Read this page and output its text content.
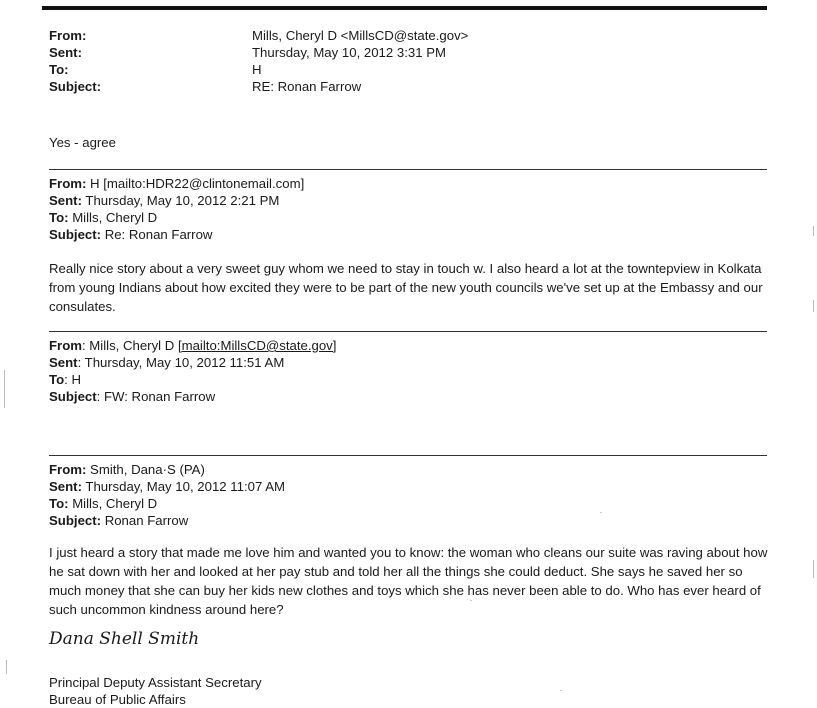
From:	Mills, Cheryl D <MillsCD@state.gov>
Sent:	Thursday, May 10, 2012 3:31 PM
To:	H
Subject:	RE: Ronan Farrow
Yes - agree
From: H [mailto:HDR22@clintonemail.com]
Sent: Thursday, May 10, 2012 2:21 PM
To: Mills, Cheryl D
Subject: Re: Ronan Farrow
Really nice story about a very sweet guy whom we need to stay in touch w. I also heard a lot at the towntерview in Kolkata from young Indians about how excited they were to be part of the new youth councils we've set up at the Embassy and our consulates.
From: Mills, Cheryl D [mailto:MillsCD@state.gov]
Sent: Thursday, May 10, 2012 11:51 AM
To: H
Subject: FW: Ronan Farrow
From: Smith, Dana·S (PA)
Sent: Thursday, May 10, 2012 11:07 AM
To: Mills, Cheryl D
Subject: Ronan Farrow
I just heard a story that made me love him and wanted you to know: the woman who cleans our suite was raving about how he sat down with her and looked at her pay stub and told her all the things she could deduct. She says he saved her so much money that she can buy her kids new clothes and toys which she has never been able to do. Who has ever heard of such uncommon kindness around here?
Dana Shell Smith
Principal Deputy Assistant Secretary
Bureau of Public Affairs
